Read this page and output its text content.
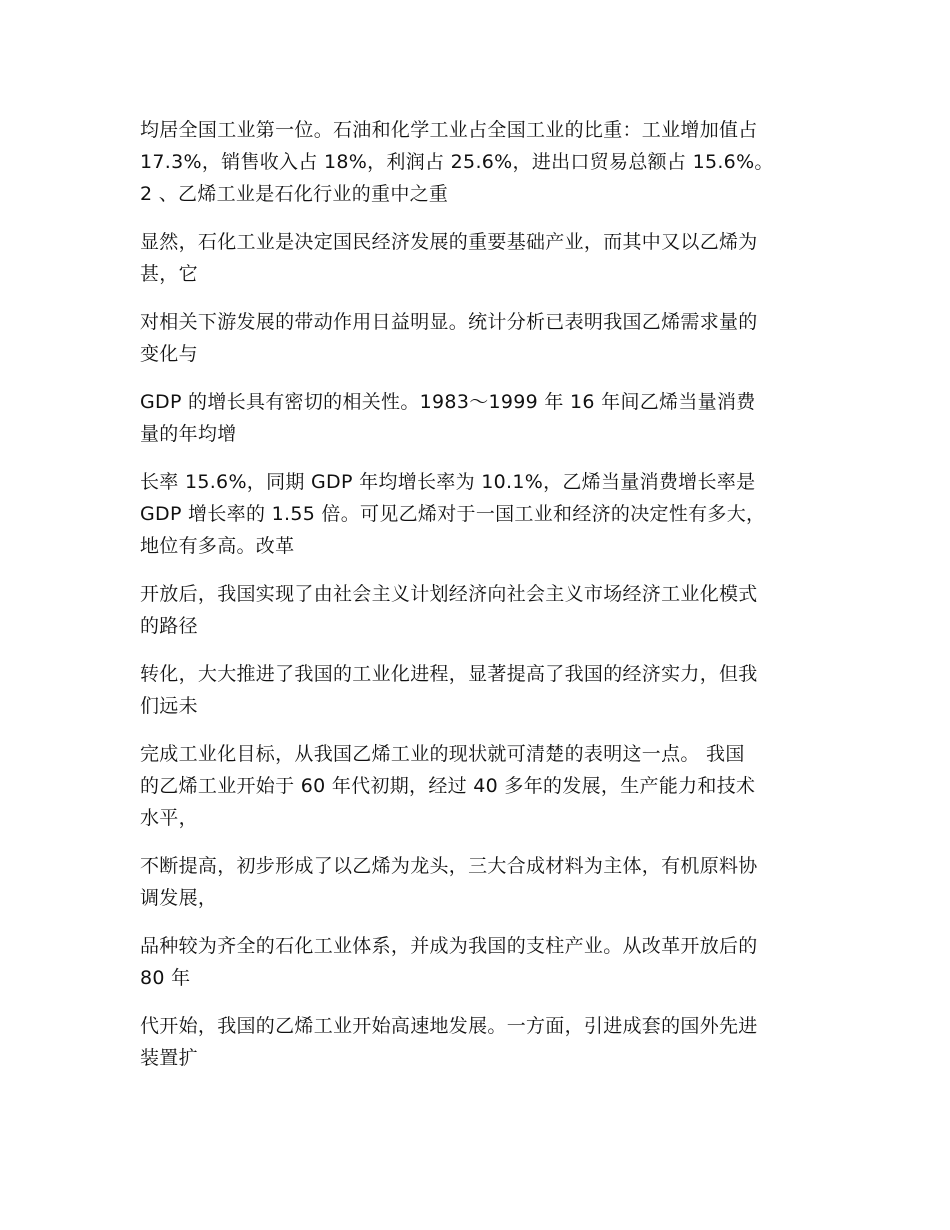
均居全国工业第一位。石油和化学工业占全国工业的比重：工业增加值占
17.3%，销售收入占 18%，利润占 25.6%，进出口贸易总额占 15.6%。
2 、乙烯工业是石化行业的重中之重
显然，石化工业是决定国民经济发展的重要基础产业，而其中又以乙烯为
甚，它
对相关下游发展的带动作用日益明显。统计分析已表明我国乙烯需求量的
变化与
GDP 的增长具有密切的相关性。1983～1999 年 16 年间乙烯当量消费
量的年均增
长率 15.6%，同期 GDP 年均增长率为 10.1%，乙烯当量消费增长率是
GDP 增长率的 1.55 倍。可见乙烯对于一国工业和经济的决定性有多大，
地位有多高。改革
开放后，我国实现了由社会主义计划经济向社会主义市场经济工业化模式
的路径
转化，大大推进了我国的工业化进程，显著提高了我国的经济实力，但我
们远未
完成工业化目标，从我国乙烯工业的现状就可清楚的表明这一点。 我国
的乙烯工业开始于 60 年代初期，经过 40 多年的发展，生产能力和技术
水平，
不断提高，初步形成了以乙烯为龙头，三大合成材料为主体，有机原料协
调发展，
品种较为齐全的石化工业体系，并成为我国的支柱产业。从改革开放后的
80 年
代开始，我国的乙烯工业开始高速地发展。一方面，引进成套的国外先进
装置扩
